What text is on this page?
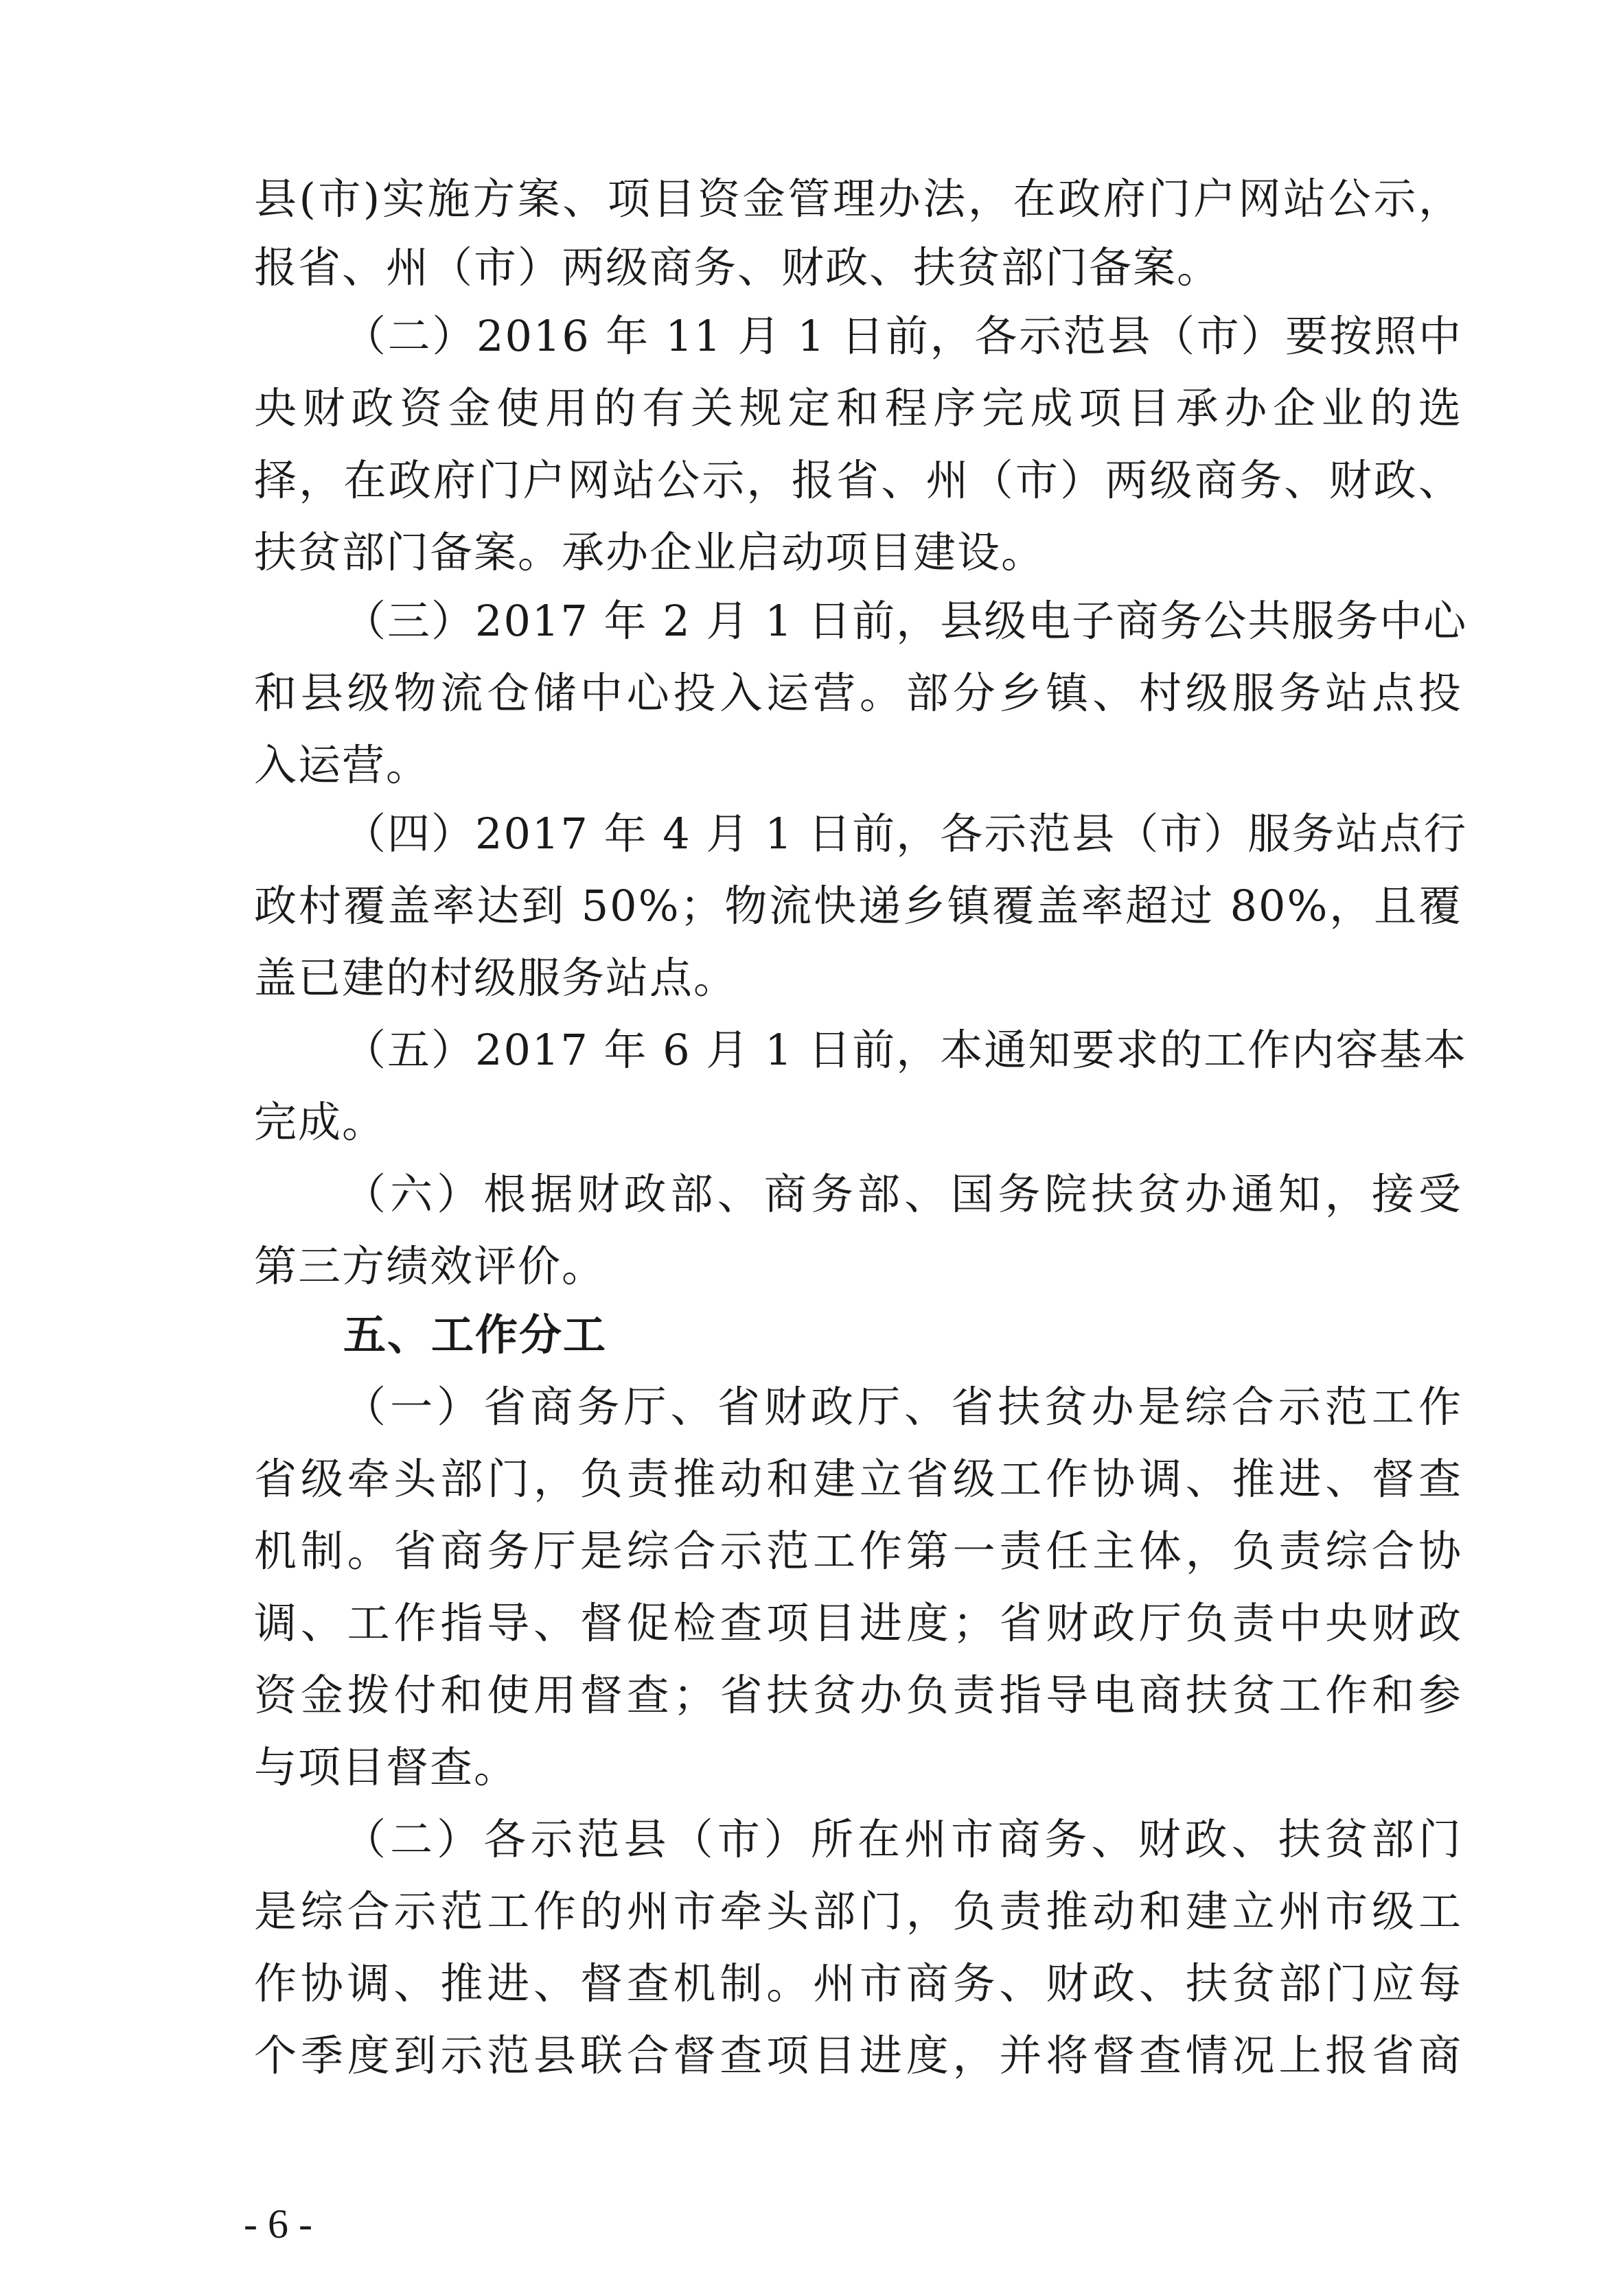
县(市)实施方案、项目资金管理办法，在政府门户网站公示，
报省、州（市）两级商务、财政、扶贫部门备案。
（二）2016 年 11 月 1 日前，各示范县（市）要按照中
央财政资金使用的有关规定和程序完成项目承办企业的选
择，在政府门户网站公示，报省、州（市）两级商务、财政、
扶贫部门备案。承办企业启动项目建设。
（三）2017 年 2 月 1 日前，县级电子商务公共服务中心
和县级物流仓储中心投入运营。部分乡镇、村级服务站点投
入运营。
（四）2017 年 4 月 1 日前，各示范县（市）服务站点行
政村覆盖率达到 50%；物流快递乡镇覆盖率超过 80%，且覆
盖已建的村级服务站点。
（五）2017 年 6 月 1 日前，本通知要求的工作内容基本
完成。
（六）根据财政部、商务部、国务院扶贫办通知，接受
第三方绩效评价。
五、工作分工
（一）省商务厅、省财政厅、省扶贫办是综合示范工作
省级牵头部门，负责推动和建立省级工作协调、推进、督查
机制。省商务厅是综合示范工作第一责任主体，负责综合协
调、工作指导、督促检查项目进度；省财政厅负责中央财政
资金拨付和使用督查；省扶贫办负责指导电商扶贫工作和参
与项目督查。
（二）各示范县（市）所在州市商务、财政、扶贫部门
是综合示范工作的州市牵头部门，负责推动和建立州市级工
作协调、推进、督查机制。州市商务、财政、扶贫部门应每
个季度到示范县联合督查项目进度，并将督查情况上报省商
- 6 -
